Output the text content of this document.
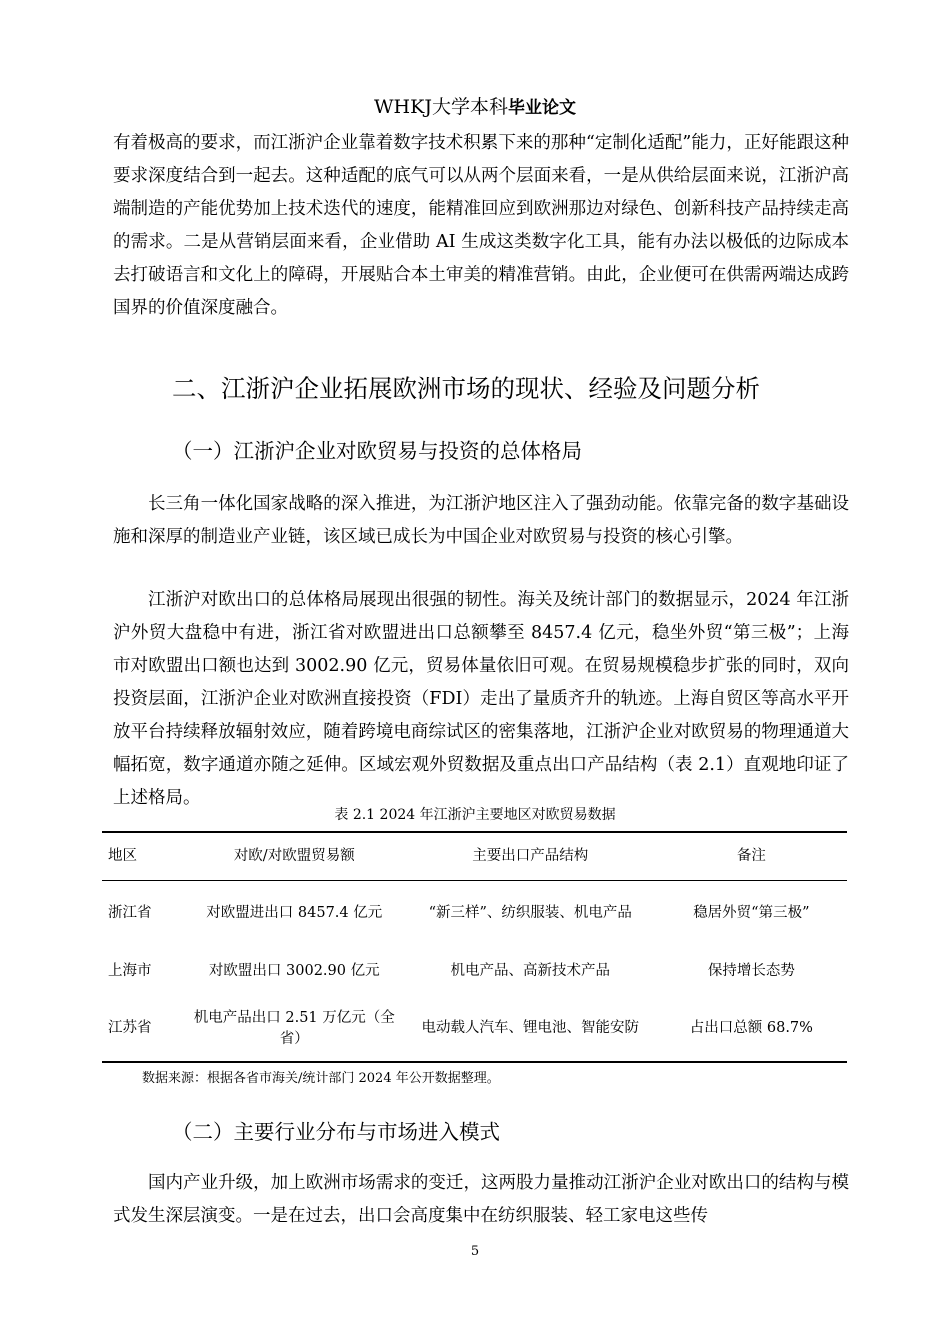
WHKJ大学本科毕业论文
有着极高的要求，而江浙沪企业靠着数字技术积累下来的那种“定制化适配”能力，正好能跟这种要求深度结合到一起去。这种适配的底气可以从两个层面来看，一是从供给层面来说，江浙沪高端制造的产能优势加上技术迭代的速度，能精准回应到欧洲那边对绿色、创新科技产品持续走高的需求。二是从营销层面来看，企业借助 AI 生成这类数字化工具，能有办法以极低的边际成本去打破语言和文化上的障碍，开展贴合本土审美的精准营销。由此，企业便可在供需两端达成跨国界的价值深度融合。
二、江浙沪企业拓展欧洲市场的现状、经验及问题分析
（一）江浙沪企业对欧贸易与投资的总体格局
长三角一体化国家战略的深入推进，为江浙沪地区注入了强劲动能。依靠完备的数字基础设施和深厚的制造业产业链，该区域已成长为中国企业对欧贸易与投资的核心引擎。
江浙沪对欧出口的总体格局展现出很强的韧性。海关及统计部门的数据显示，2024 年江浙沪外贸大盘稳中有进，浙江省对欧盟进出口总额攀至 8457.4 亿元，稳坐外贸“第三极”；上海市对欧盟出口额也达到 3002.90 亿元，贸易体量依旧可观。在贸易规模稳步扩张的同时，双向投资层面，江浙沪企业对欧洲直接投资（FDI）走出了量质齐升的轨迹。上海自贸区等高水平开放平台持续释放辐射效应，随着跨境电商综试区的密集落地，江浙沪企业对欧贸易的物理通道大幅拓宽，数字通道亦随之延伸。区域宏观外贸数据及重点出口产品结构（表 2.1）直观地印证了上述格局。
表 2.1 2024 年江浙沪主要地区对欧贸易数据
地区	对欧/对欧盟贸易额	主要出口产品结构	备注
浙江省	对欧盟进出口 8457.4 亿元	“新三样”、纺织服装、机电产品	稳居外贸“第三极”
上海市	对欧盟出口 3002.90 亿元	机电产品、高新技术产品	保持增长态势
江苏省	机电产品出口 2.51 万亿元（全省）	电动载人汽车、锂电池、智能安防	占出口总额 68.7%
数据来源：根据各省市海关/统计部门 2024 年公开数据整理。
（二）主要行业分布与市场进入模式
国内产业升级，加上欧洲市场需求的变迁，这两股力量推动江浙沪企业对欧出口的结构与模式发生深层演变。一是在过去，出口会高度集中在纺织服装、轻工家电这些传
5
